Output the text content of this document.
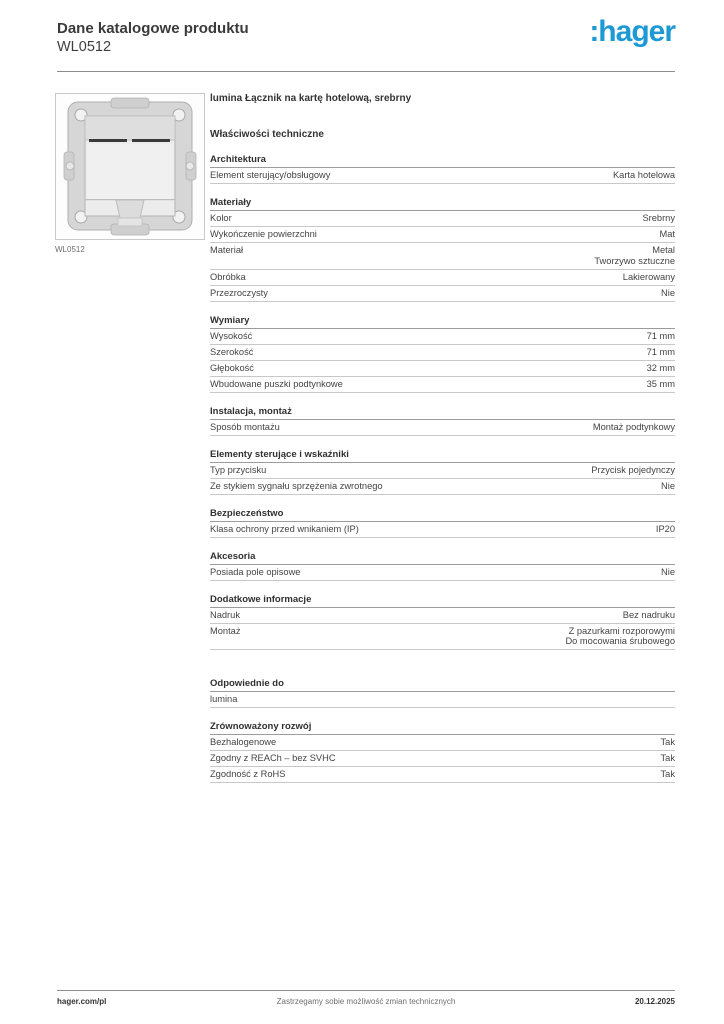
Dane katalogowe produktu
WL0512	:hager
WL0512
lumina Łącznik na kartę hotelową, srebrny
Właściwości techniczne
Architektura
Element sterujący/obsługowy	Karta hotelowa
Materiały
Kolor	Srebrny
Wykończenie powierzchni	Mat
Materiał	Metal
Tworzywo sztuczne
Obróbka	Lakierowany
Przezroczysty	Nie
Wymiary
Wysokość	71 mm
Szerokość	71 mm
Głębokość	32 mm
Wbudowane puszki podtynkowe	35 mm
Instalacja, montaż
Sposób montażu	Montaż podtynkowy
Elementy sterujące i wskaźniki
Typ przycisku	Przycisk pojedynczy
Ze stykiem sygnału sprzężenia zwrotnego	Nie
Bezpieczeństwo
Klasa ochrony przed wnikaniem (IP)	IP20
Akcesoria
Posiada pole opisowe	Nie
Dodatkowe informacje
Nadruk	Bez nadruku
Montaż	Z pazurkami rozporowymi
Do mocowania śrubowego
Odpowiednie do
lumina
Zrównoważony rozwój
Bezhalogenowe	Tak
Zgodny z REACh – bez SVHC	Tak
Zgodność z RoHS	Tak
hager.com/pl	Zastrzegamy sobie możliwość zmian technicznych	20.12.2025
